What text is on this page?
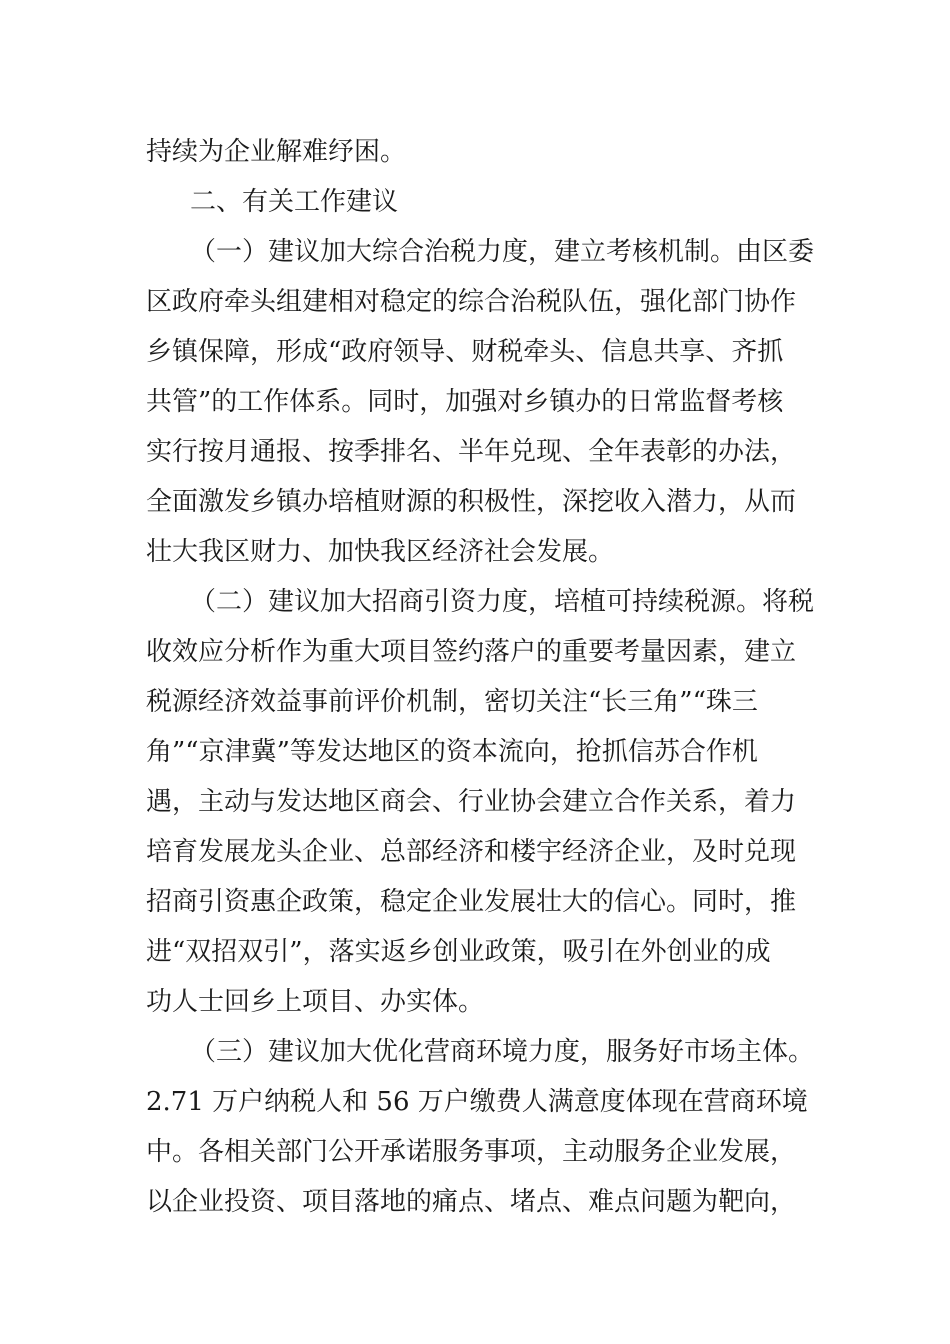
持续为企业解难纾困。
二、有关工作建议
（一）建议加大综合治税力度，建立考核机制。由区委
区政府牵头组建相对稳定的综合治税队伍，强化部门协作
乡镇保障，形成“政府领导、财税牵头、信息共享、齐抓
共管”的工作体系。同时，加强对乡镇办的日常监督考核
实行按月通报、按季排名、半年兑现、全年表彰的办法，
全面激发乡镇办培植财源的积极性，深挖收入潜力，从而
壮大我区财力、加快我区经济社会发展。
（二）建议加大招商引资力度，培植可持续税源。将税
收效应分析作为重大项目签约落户的重要考量因素，建立
税源经济效益事前评价机制，密切关注“长三角”“珠三
角”“京津冀”等发达地区的资本流向，抢抓信苏合作机
遇，主动与发达地区商会、行业协会建立合作关系，着力
培育发展龙头企业、总部经济和楼宇经济企业，及时兑现
招商引资惠企政策，稳定企业发展壮大的信心。同时，推
进“双招双引”，落实返乡创业政策，吸引在外创业的成
功人士回乡上项目、办实体。
（三）建议加大优化营商环境力度，服务好市场主体。
2.71 万户纳税人和 56 万户缴费人满意度体现在营商环境
中。各相关部门公开承诺服务事项，主动服务企业发展，
以企业投资、项目落地的痛点、堵点、难点问题为靶向，
